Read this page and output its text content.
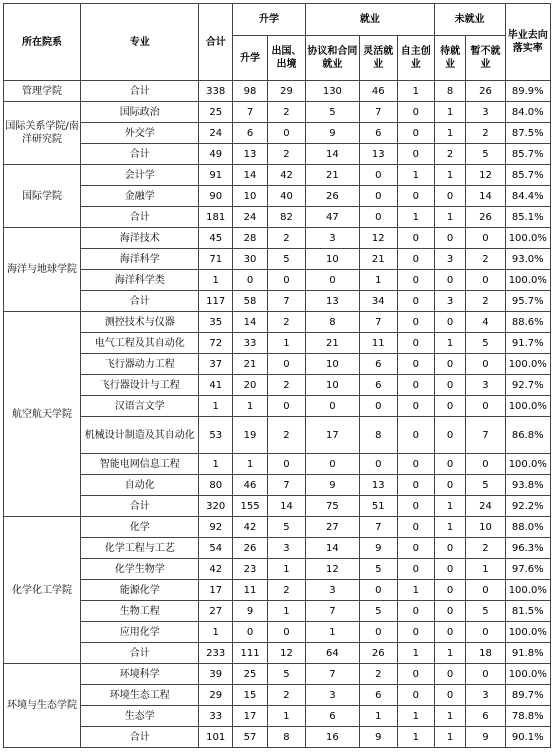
所在院系	专业	合计	升学		就业			未就业		毕业去向落实率
			升学	出国、出境	协议和合同就业	灵活就业	自主创业	待就业	暂不就业	
管理学院	合计	338	98	29	130	46	1	8	26	89.9%
国际关系学院/南洋研究院	国际政治	25	7	2	5	7	0	1	3	84.0%
	外交学	24	6	0	9	6	0	1	2	87.5%
	合计	49	13	2	14	13	0	2	5	85.7%
国际学院	会计学	91	14	42	21	0	1	1	12	85.7%
	金融学	90	10	40	26	0	0	0	14	84.4%
	合计	181	24	82	47	0	1	1	26	85.1%
海洋与地球学院	海洋技术	45	28	2	3	12	0	0	0	100.0%
	海洋科学	71	30	5	10	21	0	3	2	93.0%
	海洋科学类	1	0	0	0	1	0	0	0	100.0%
	合计	117	58	7	13	34	0	3	2	95.7%
航空航天学院	测控技术与仪器	35	14	2	8	7	0	0	4	88.6%
	电气工程及其自动化	72	33	1	21	11	0	1	5	91.7%
	飞行器动力工程	37	21	0	10	6	0	0	0	100.0%
	飞行器设计与工程	41	20	2	10	6	0	0	3	92.7%
	汉语言文学	1	1	0	0	0	0	0	0	100.0%
	机械设计制造及其自动化	53	19	2	17	8	0	0	7	86.8%
	智能电网信息工程	1	1	0	0	0	0	0	0	100.0%
	自动化	80	46	7	9	13	0	0	5	93.8%
	合计	320	155	14	75	51	0	1	24	92.2%
化学化工学院	化学	92	42	5	27	7	0	1	10	88.0%
	化学工程与工艺	54	26	3	14	9	0	0	2	96.3%
	化学生物学	42	23	1	12	5	0	0	1	97.6%
	能源化学	17	11	2	3	0	1	0	0	100.0%
	生物工程	27	9	1	7	5	0	0	5	81.5%
	应用化学	1	0	0	1	0	0	0	0	100.0%
	合计	233	111	12	64	26	1	1	18	91.8%
环境与生态学院	环境科学	39	25	5	7	2	0	0	0	100.0%
	环境生态工程	29	15	2	3	6	0	0	3	89.7%
	生态学	33	17	1	6	1	1	1	6	78.8%
	合计	101	57	8	16	9	1	1	9	90.1%
